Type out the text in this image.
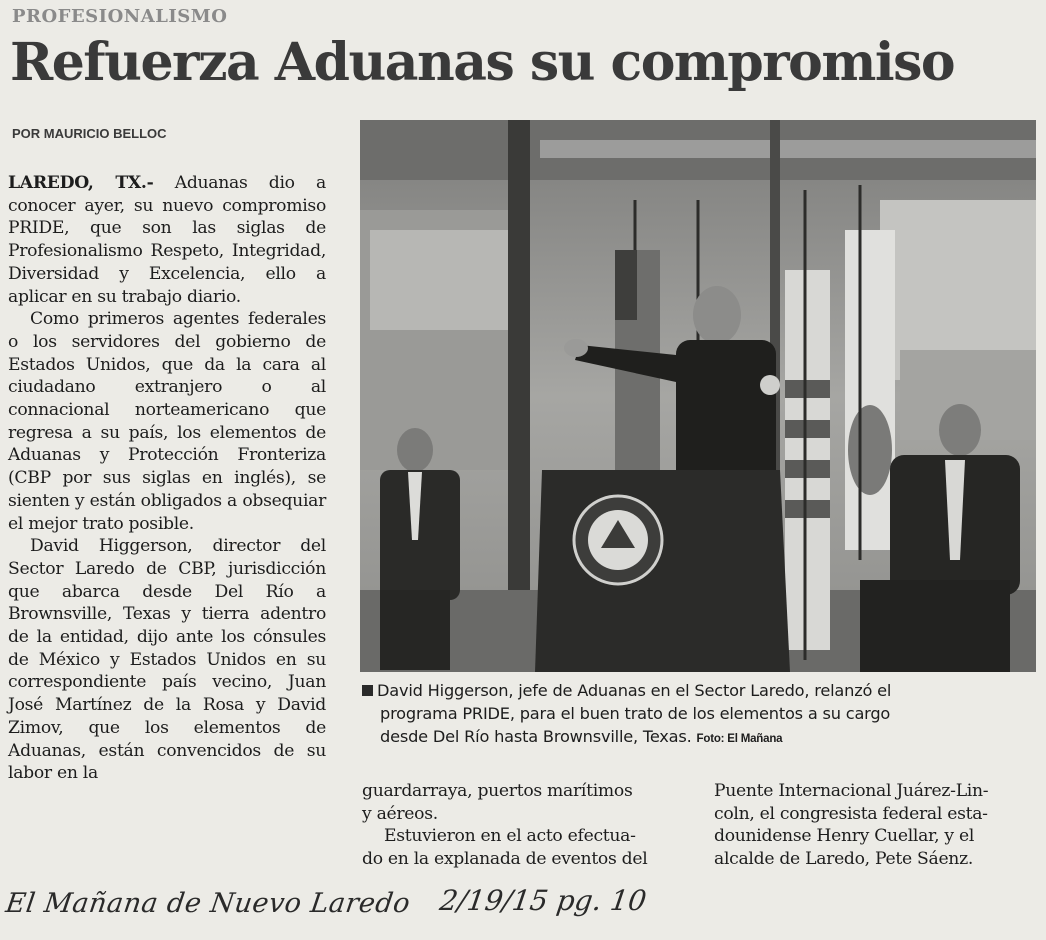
PROFESIONALISMO
Refuerza Aduanas su compromiso
POR MAURICIO BELLOC

LAREDO, TX.- Aduanas dio a conocer ayer, su nuevo compromiso PRIDE, que son las siglas de Profesionalismo Respeto, Integridad, Diversidad y Excelencia, ello a aplicar en su trabajo diario.

Como primeros agentes federales o los servidores del gobierno de Estados Unidos, que da la cara al ciudadano extranjero o al connacional norteamericano que regresa a su país, los elementos de Aduanas y Protección Fronteriza (CBP por sus siglas en inglés), se sienten y están obligados a obsequiar el mejor trato posible.

David Higgerson, director del Sector Laredo de CBP, jurisdicción que abarca desde Del Río a Brownsville, Texas y tierra adentro de la entidad, dijo ante los cónsules de México y Estados Unidos en su correspondiente país vecino, Juan José Martínez de la Rosa y David Zimov, que los elementos de Aduanas, están convencidos de su labor en la

David Higgerson, jefe de Aduanas en el Sector Laredo, relanzó el
programa PRIDE, para el buen trato de los elementos a su cargo
desde Del Río hasta Brownsville, Texas. Foto: El Mañana
guardarraya, puertos marítimos
y aéreos.
Estuvieron en el acto efectua-
do en la explanada de eventos del
Puente Internacional Juárez-Lin-
coln, el congresista federal esta-
dounidense Henry Cuellar, y el
alcalde de Laredo, Pete Sáenz.
El Mañana de Nuevo Laredo 2/19/15 pg. 10
